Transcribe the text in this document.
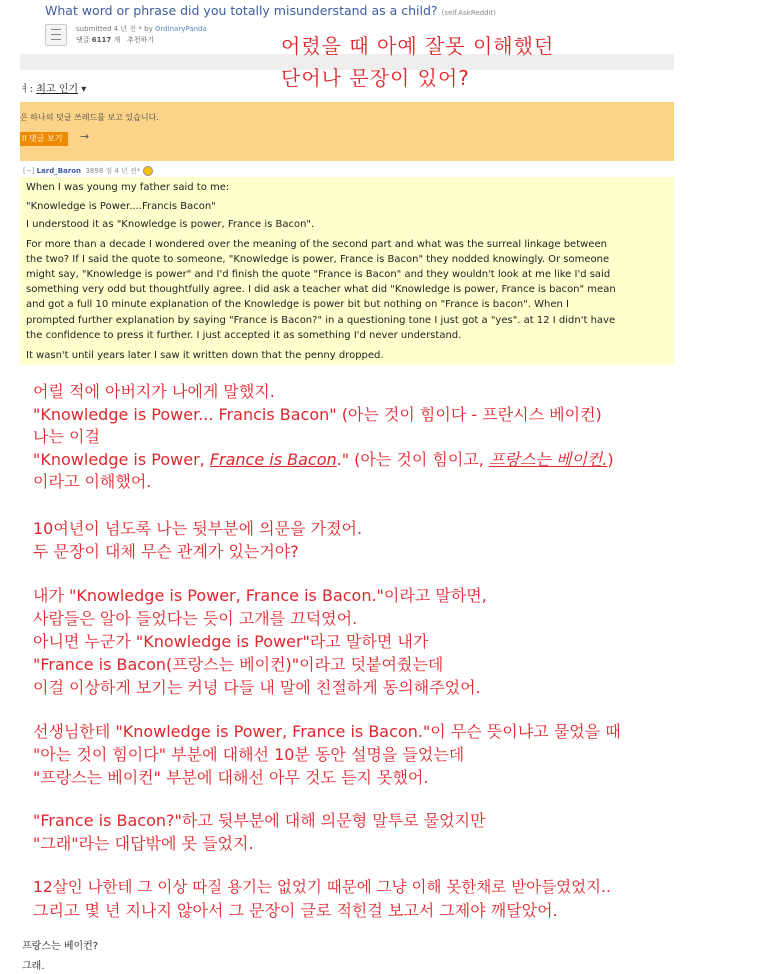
What word or phrase did you totally misunderstand as a child? (self.AskReddit)
submitted 4 년 전 * by OrdinaryPanda
댓글 6117 개 추천하기	어렸을 때 아예 잘못 이해했던
단어나 문장이 있어?
ㅕ: 최고 인기 ▾
은 하나의 덧글 쓰레드를 보고 있습니다.
ll 댓글 보기	→
[−] Lard_Baron 3898 점 4 년 전*
When I was young my father said to me:
"Knowledge is Power....Francis Bacon"
I understood it as "Knowledge is power, France is Bacon".
For more than a decade I wondered over the meaning of the second part and what was the surreal linkage between
the two? If I said the quote to someone, "Knowledge is power, France is Bacon" they nodded knowingly. Or someone
might say, "Knowledge is power" and I'd finish the quote "France is Bacon" and they wouldn't look at me like I'd said
something very odd but thoughtfully agree. I did ask a teacher what did "Knowledge is power, France is bacon" mean
and got a full 10 minute explanation of the Knowledge is power bit but nothing on "France is bacon". When I
prompted further explanation by saying "France is Bacon?" in a questioning tone I just got a "yes". at 12 I didn't have
the confidence to press it further. I just accepted it as something I'd never understand.
It wasn't until years later I saw it written down that the penny dropped.
어릴 적에 아버지가 나에게 말했지.
"Knowledge is Power... Francis Bacon" (아는 것이 힘이다 - 프란시스 베이컨)
나는 이걸
"Knowledge is Power, France is Bacon." (아는 것이 힘이고, 프랑스는 베이컨.)
이라고 이해했어.
10여년이 넘도록 나는 뒷부분에 의문을 가졌어.
두 문장이 대체 무슨 관계가 있는거야?
내가 "Knowledge is Power, France is Bacon."이라고 말하면,
사람들은 알아 들었다는 듯이 고개를 끄덕였어.
아니면 누군가 "Knowledge is Power"라고 말하면 내가
"France is Bacon(프랑스는 베이컨)"이라고 덧붙여줬는데
이걸 이상하게 보기는 커녕 다들 내 말에 친절하게 동의해주었어.
선생님한테 "Knowledge is Power, France is Bacon."이 무슨 뜻이냐고 물었을 때
"아는 것이 힘이다" 부분에 대해선 10분 동안 설명을 들었는데
"프랑스는 베이컨" 부분에 대해선 아무 것도 듣지 못했어.
"France is Bacon?"하고 뒷부분에 대해 의문형 말투로 물었지만
"그래"라는 대답밖에 못 들었지.
12살인 나한테 그 이상 따질 용기는 없었기 때문에 그냥 이해 못한채로 받아들였었지..
그리고 몇 년 지나지 않아서 그 문장이 글로 적힌걸 보고서 그제야 깨달았어.
프랑스는 베이컨?
그래.
